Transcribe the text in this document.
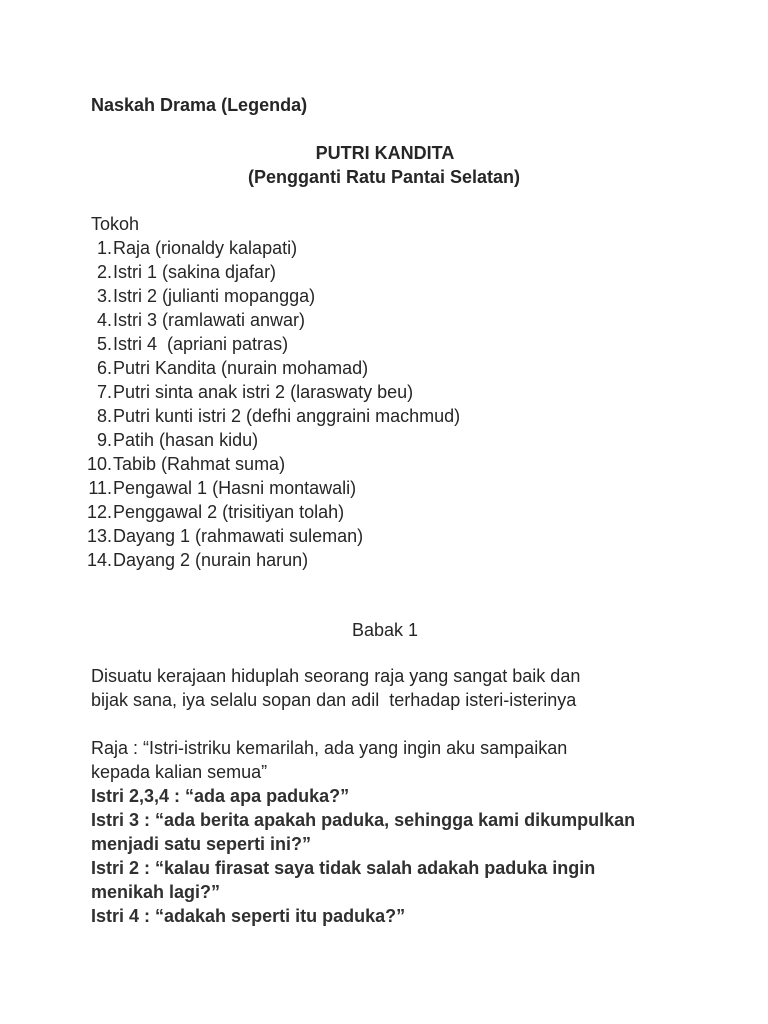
Naskah Drama (Legenda)
PUTRI KANDITA
(Pengganti Ratu Pantai Selatan)
Tokoh
1. Raja (rionaldy kalapati)
2. Istri 1 (sakina djafar)
3. Istri 2 (julianti mopangga)
4. Istri 3 (ramlawati anwar)
5. Istri 4  (apriani patras)
6. Putri Kandita (nurain mohamad)
7. Putri sinta anak istri 2 (laraswaty beu)
8. Putri kunti istri 2 (defhi anggraini machmud)
9. Patih (hasan kidu)
10. Tabib (Rahmat suma)
11. Pengawal 1 (Hasni montawali)
12. Penggawal 2 (trisitiyan tolah)
13. Dayang 1 (rahmawati suleman)
14. Dayang 2 (nurain harun)
Babak 1
Disuatu kerajaan hiduplah seorang raja yang sangat baik dan
bijak sana, iya selalu sopan dan adil  terhadap isteri-isterinya

Raja : “Istri-istriku kemarilah, ada yang ingin aku sampaikan

kepada kalian semua”

Istri 2,3,4 : “ada apa paduka?”

Istri 3 : “ada berita apakah paduka, sehingga kami dikumpulkan

menjadi satu seperti ini?”

Istri 2 : “kalau firasat saya tidak salah adakah paduka ingin

menikah lagi?”

Istri 4 : “adakah seperti itu paduka?”
